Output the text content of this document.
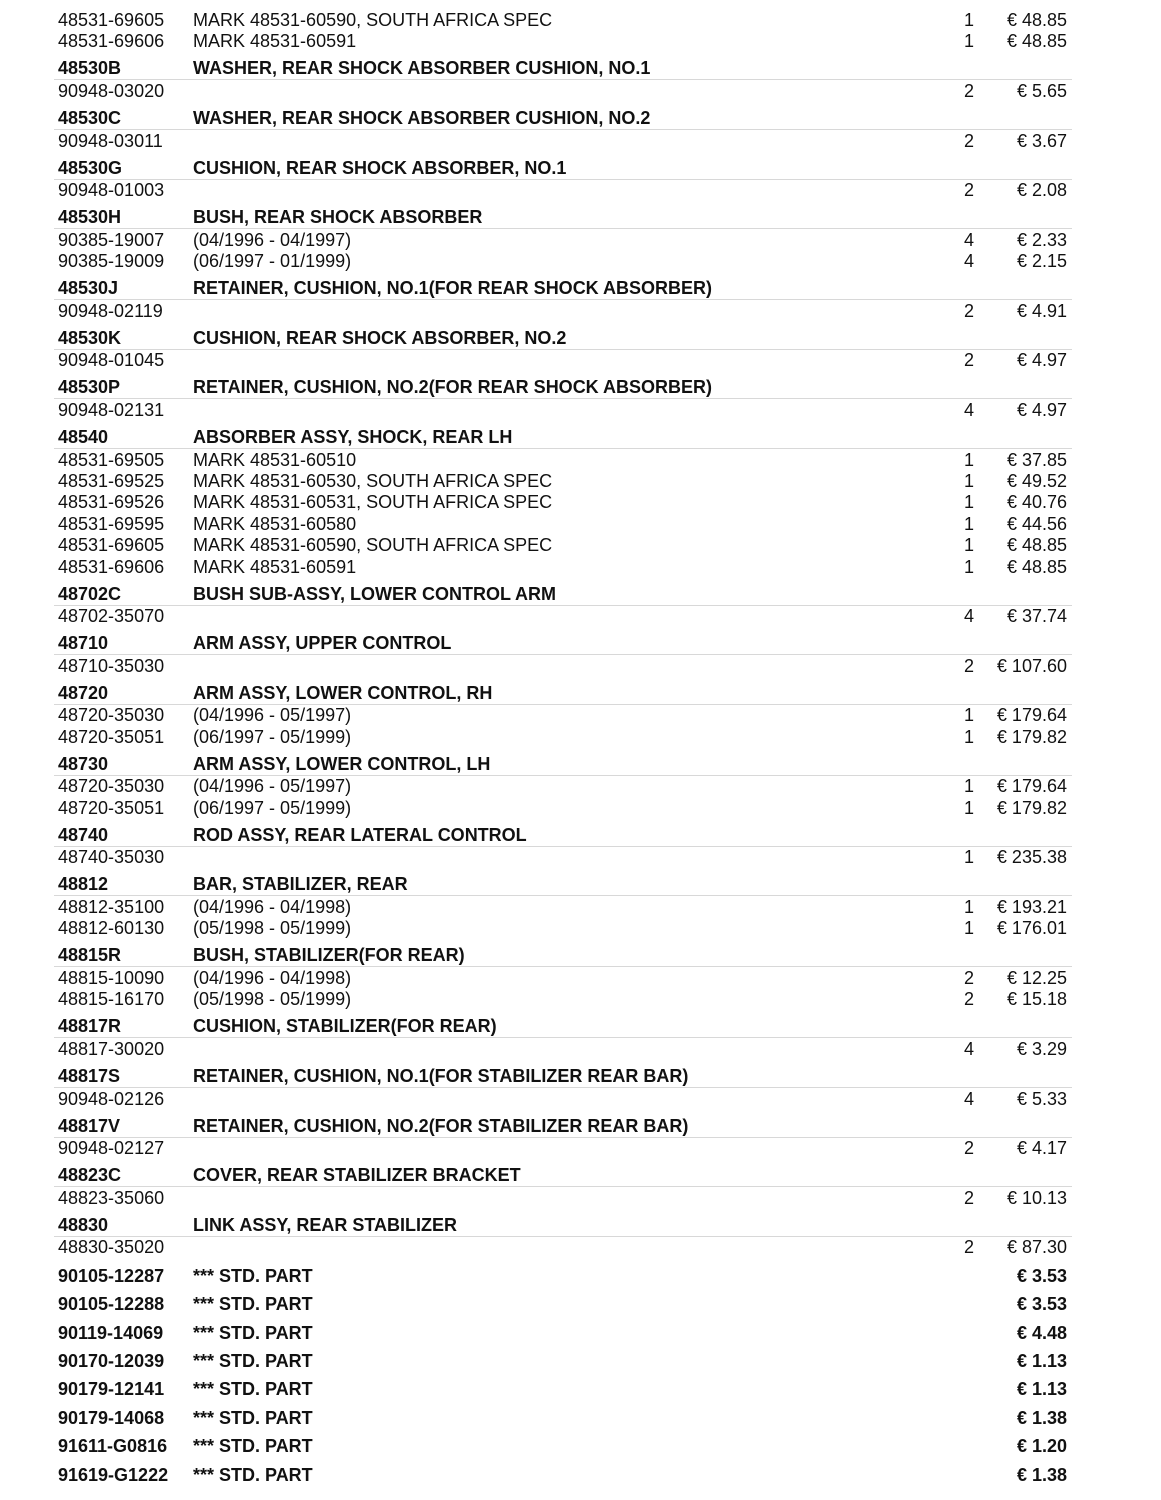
48531-69605 MARK 48531-60590, SOUTH AFRICA SPEC	1	€ 48.85
48531-69606 MARK 48531-60591	1	€ 48.85
48530B	WASHER, REAR SHOCK ABSORBER CUSHION, NO.1
90948-03020	2	€ 5.65
48530C	WASHER, REAR SHOCK ABSORBER CUSHION, NO.2
90948-03011	2	€ 3.67
48530G	CUSHION, REAR SHOCK ABSORBER, NO.1
90948-01003	2	€ 2.08
48530H	BUSH, REAR SHOCK ABSORBER
90385-19007 (04/1996 - 04/1997)	4	€ 2.33
90385-19009 (06/1997 - 01/1999)	4	€ 2.15
48530J	RETAINER, CUSHION, NO.1(FOR REAR SHOCK ABSORBER)
90948-02119	2	€ 4.91
48530K	CUSHION, REAR SHOCK ABSORBER, NO.2
90948-01045	2	€ 4.97
48530P	RETAINER, CUSHION, NO.2(FOR REAR SHOCK ABSORBER)
90948-02131	4	€ 4.97
48540	ABSORBER ASSY, SHOCK, REAR LH
48531-69505 MARK 48531-60510	1	€ 37.85
48531-69525 MARK 48531-60530, SOUTH AFRICA SPEC	1	€ 49.52
48531-69526 MARK 48531-60531, SOUTH AFRICA SPEC	1	€ 40.76
48531-69595 MARK 48531-60580	1	€ 44.56
48531-69605 MARK 48531-60590, SOUTH AFRICA SPEC	1	€ 48.85
48531-69606 MARK 48531-60591	1	€ 48.85
48702C	BUSH SUB-ASSY, LOWER CONTROL ARM
48702-35070	4	€ 37.74
48710	ARM ASSY, UPPER CONTROL
48710-35030	2	€ 107.60
48720	ARM ASSY, LOWER CONTROL, RH
48720-35030 (04/1996 - 05/1997)	1	€ 179.64
48720-35051 (06/1997 - 05/1999)	1	€ 179.82
48730	ARM ASSY, LOWER CONTROL, LH
48720-35030 (04/1996 - 05/1997)	1	€ 179.64
48720-35051 (06/1997 - 05/1999)	1	€ 179.82
48740	ROD ASSY, REAR LATERAL CONTROL
48740-35030	1	€ 235.38
48812	BAR, STABILIZER, REAR
48812-35100 (04/1996 - 04/1998)	1	€ 193.21
48812-60130 (05/1998 - 05/1999)	1	€ 176.01
48815R	BUSH, STABILIZER(FOR REAR)
48815-10090 (04/1996 - 04/1998)	2	€ 12.25
48815-16170 (05/1998 - 05/1999)	2	€ 15.18
48817R	CUSHION, STABILIZER(FOR REAR)
48817-30020	4	€ 3.29
48817S	RETAINER, CUSHION, NO.1(FOR STABILIZER REAR BAR)
90948-02126	4	€ 5.33
48817V	RETAINER, CUSHION, NO.2(FOR STABILIZER REAR BAR)
90948-02127	2	€ 4.17
48823C	COVER, REAR STABILIZER BRACKET
48823-35060	2	€ 10.13
48830	LINK ASSY, REAR STABILIZER
48830-35020	2	€ 87.30
90105-12287 *** STD. PART	€ 3.53
90105-12288 *** STD. PART	€ 3.53
90119-14069 *** STD. PART	€ 4.48
90170-12039 *** STD. PART	€ 1.13
90179-12141 *** STD. PART	€ 1.13
90179-14068 *** STD. PART	€ 1.38
91611-G0816 *** STD. PART	€ 1.20
91619-G1222 *** STD. PART	€ 1.38
